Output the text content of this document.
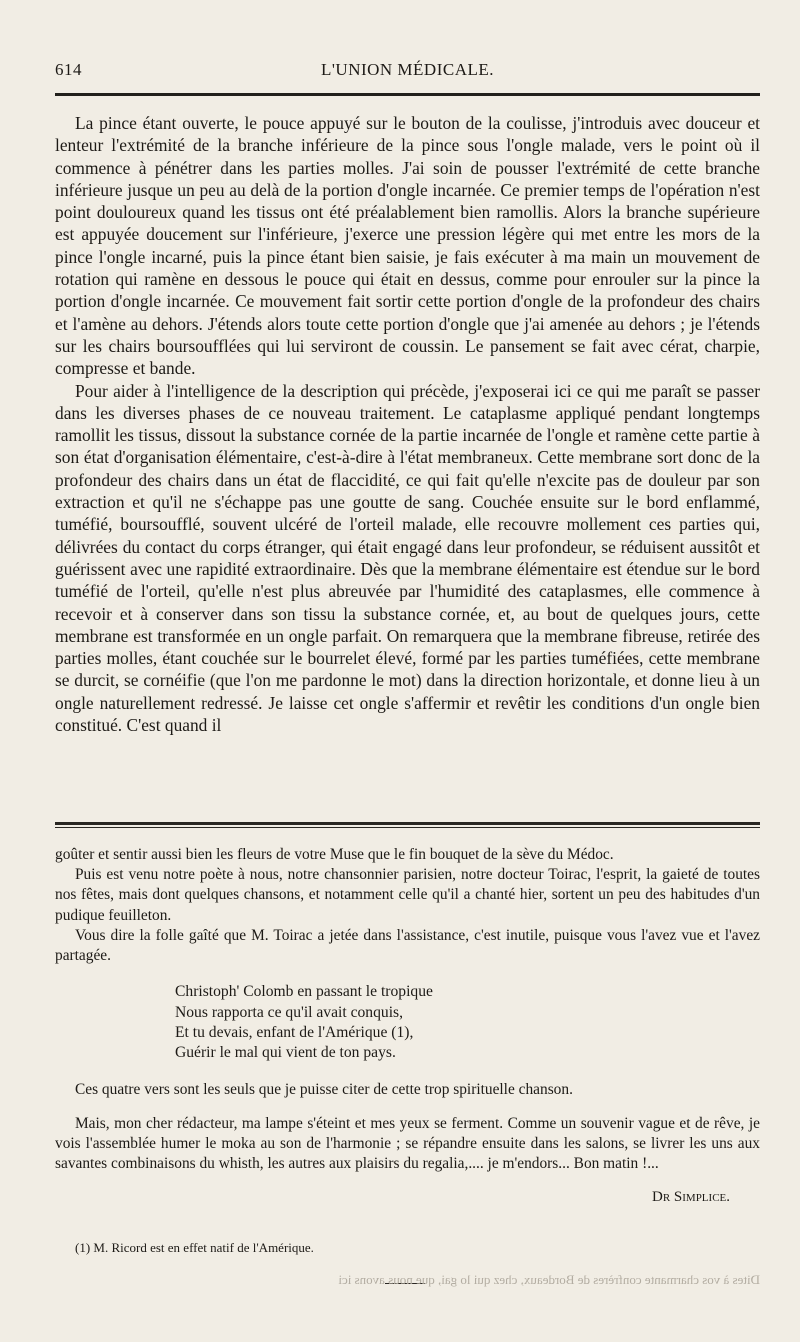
614	L'UNION MÉDICALE.

La pince étant ouverte, le pouce appuyé sur le bouton de la coulisse, j'introduis avec douceur et lenteur l'extrémité de la branche inférieure de la pince sous l'ongle malade, vers le point où il commence à pénétrer dans les parties molles. J'ai soin de pousser l'extrémité de cette branche inférieure jusque un peu au delà de la portion d'ongle incarnée. Ce premier temps de l'opération n'est point douloureux quand les tissus ont été préalablement bien ramollis. Alors la branche supérieure est appuyée doucement sur l'inférieure, j'exerce une pression légère qui met entre les mors de la pince l'ongle incarné, puis la pince étant bien saisie, je fais exécuter à ma main un mouvement de rotation qui ramène en dessous le pouce qui était en dessus, comme pour enrouler sur la pince la portion d'ongle incarnée. Ce mouvement fait sortir cette portion d'ongle de la profondeur des chairs et l'amène au dehors. J'étends alors toute cette portion d'ongle que j'ai amenée au dehors ; je l'étends sur les chairs boursoufflées qui lui serviront de coussin. Le pansement se fait avec cérat, charpie, compresse et bande.

Pour aider à l'intelligence de la description qui précède, j'exposerai ici ce qui me paraît se passer dans les diverses phases de ce nouveau traitement. Le cataplasme appliqué pendant longtemps ramollit les tissus, dissout la substance cornée de la partie incarnée de l'ongle et ramène cette partie à son état d'organisation élémentaire, c'est-à-dire à l'état membraneux. Cette membrane sort donc de la profondeur des chairs dans un état de flaccidité, ce qui fait qu'elle n'excite pas de douleur par son extraction et qu'il ne s'échappe pas une goutte de sang. Couchée ensuite sur le bord enflammé, tuméfié, boursoufflé, souvent ulcéré de l'orteil malade, elle recouvre mollement ces parties qui, délivrées du contact du corps étranger, qui était engagé dans leur profondeur, se réduisent aussitôt et guérissent avec une rapidité extraordinaire. Dès que la membrane élémentaire est étendue sur le bord tuméfié de l'orteil, qu'elle n'est plus abreuvée par l'humidité des cataplasmes, elle commence à recevoir et à conserver dans son tissu la substance cornée, et, au bout de quelques jours, cette membrane est transformée en un ongle parfait. On remarquera que la membrane fibreuse, retirée des parties molles, étant couchée sur le bourrelet élevé, formé par les parties tuméfiées, cette membrane se durcit, se cornéifie (que l'on me pardonne le mot) dans la direction horizontale, et donne lieu à un ongle naturellement redressé. Je laisse cet ongle s'affermir et revêtir les conditions d'un ongle bien constitué. C'est quand il

goûter et sentir aussi bien les fleurs de votre Muse que le fin bouquet de la sève du Médoc.

Puis est venu notre poète à nous, notre chansonnier parisien, notre docteur Toirac, l'esprit, la gaieté de toutes nos fêtes, mais dont quelques chansons, et notamment celle qu'il a chanté hier, sortent un peu des habitudes d'un pudique feuilleton.

Vous dire la folle gaîté que M. Toirac a jetée dans l'assistance, c'est inutile, puisque vous l'avez vue et l'avez partagée.

Christoph' Colomb en passant le tropique
Nous rapporta ce qu'il avait conquis,
Et tu devais, enfant de l'Amérique (1),
Guérir le mal qui vient de ton pays.

Ces quatre vers sont les seuls que je puisse citer de cette trop spirituelle chanson.

Mais, mon cher rédacteur, ma lampe s'éteint et mes yeux se ferment. Comme un souvenir vague et de rêve, je vois l'assemblée humer le moka au son de l'harmonie ; se répandre ensuite dans les salons, se livrer les uns aux savantes combinaisons du whisth, les autres aux plaisirs du regalia,.... je m'endors... Bon matin !...

Dr Simplice.
(1) M. Ricord est en effet natif de l'Amérique.
Dites à vos charmante confrères de Bordeaux, chez qui lo gai, que nous avons ici
